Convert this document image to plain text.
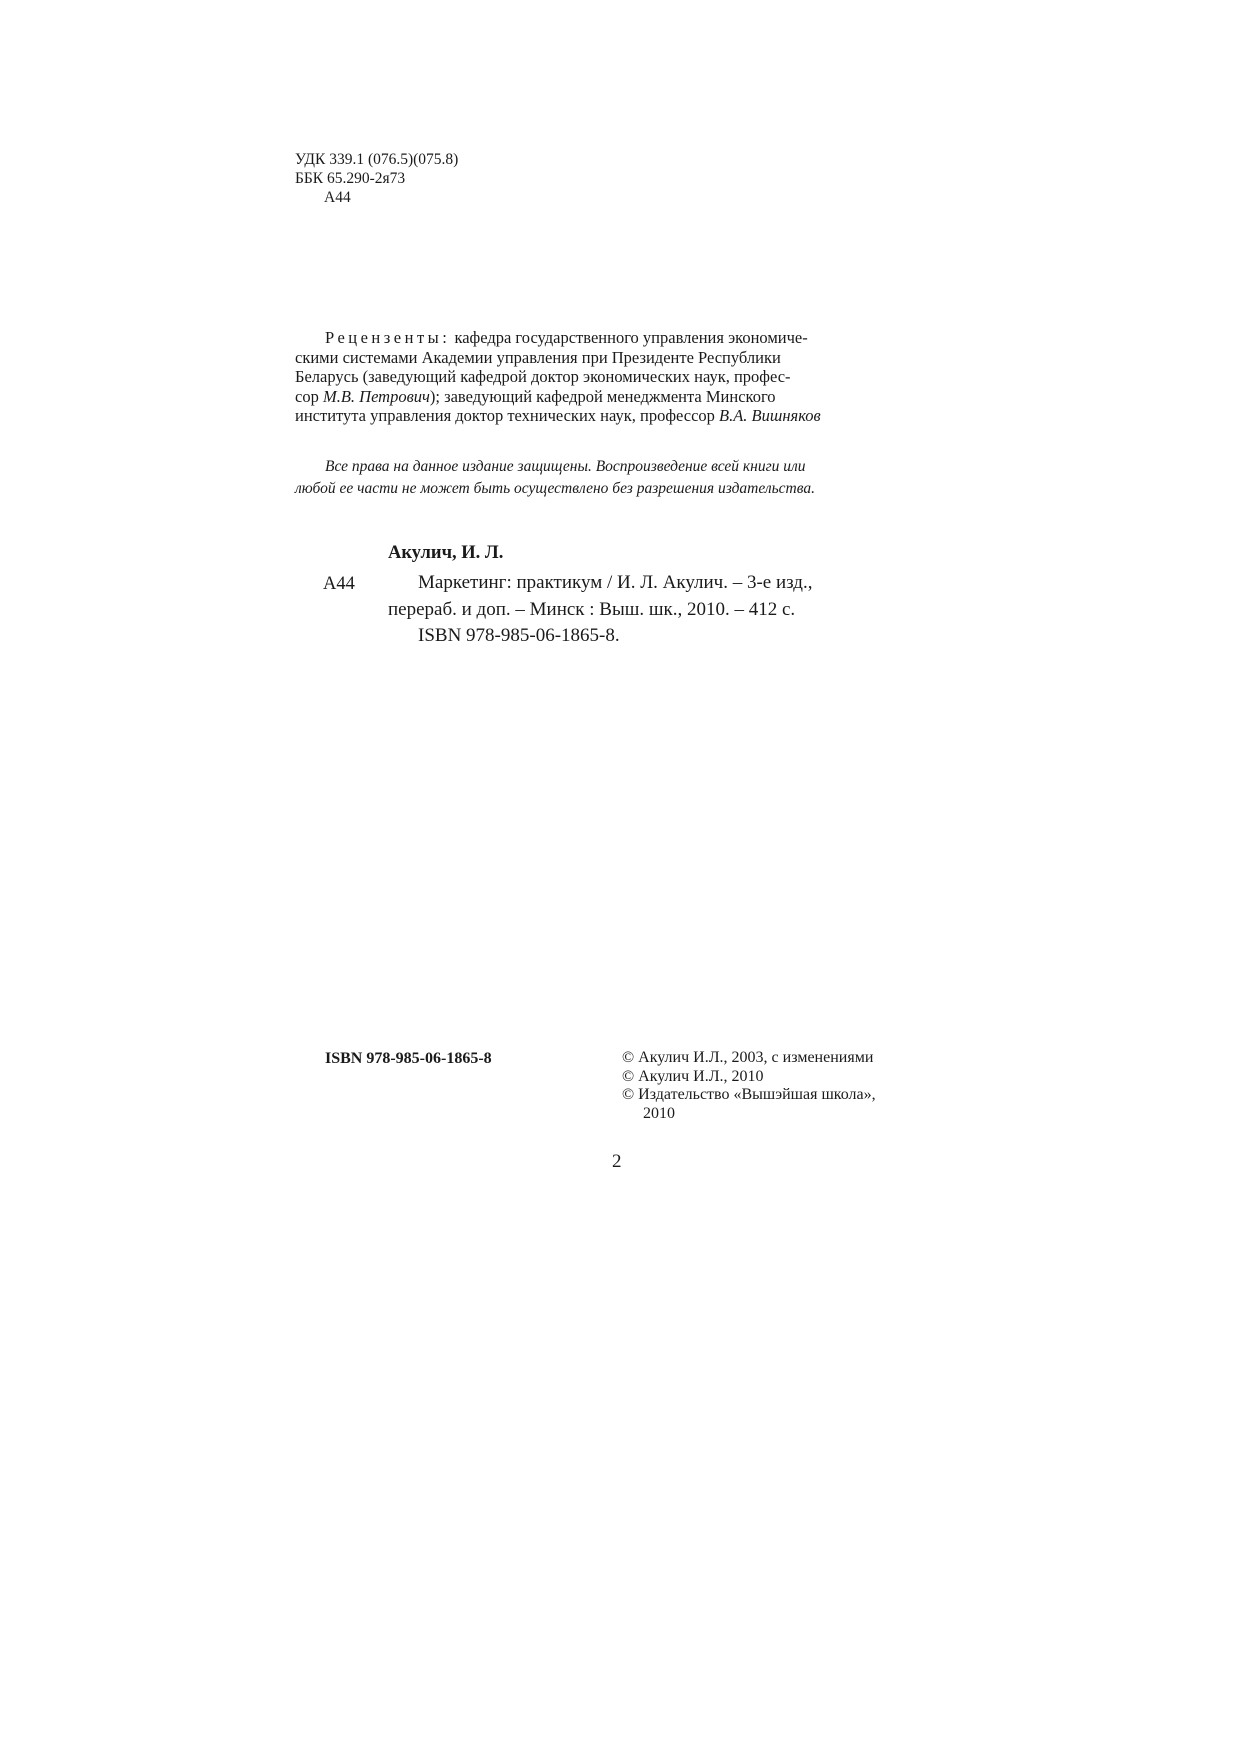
УДК 339.1 (076.5)(075.8)
ББК 65.290-2я73
А44
Рецензенты: кафедра государственного управления экономиче-
скими системами Академии управления при Президенте Республики
Беларусь (заведующий кафедрой доктор экономических наук, профес-
сор М.В. Петрович); заведующий кафедрой менеджмента Минского
института управления доктор технических наук, профессор В.А. Вишняков
Все права на данное издание защищены. Воспроизведение всей книги или
любой ее части не может быть осуществлено без разрешения издательства.
Акулич, И. Л.
А44	Маркетинг: практикум / И. Л. Акулич. – 3-е изд.,
перераб. и доп. – Минск : Выш. шк., 2010. – 412 с.
ISBN 978-985-06-1865-8.
ISBN 978-985-06-1865-8	© Акулич И.Л., 2003, с изменениями
© Акулич И.Л., 2010
© Издательство «Вышэйшая школа»,
2010
2
